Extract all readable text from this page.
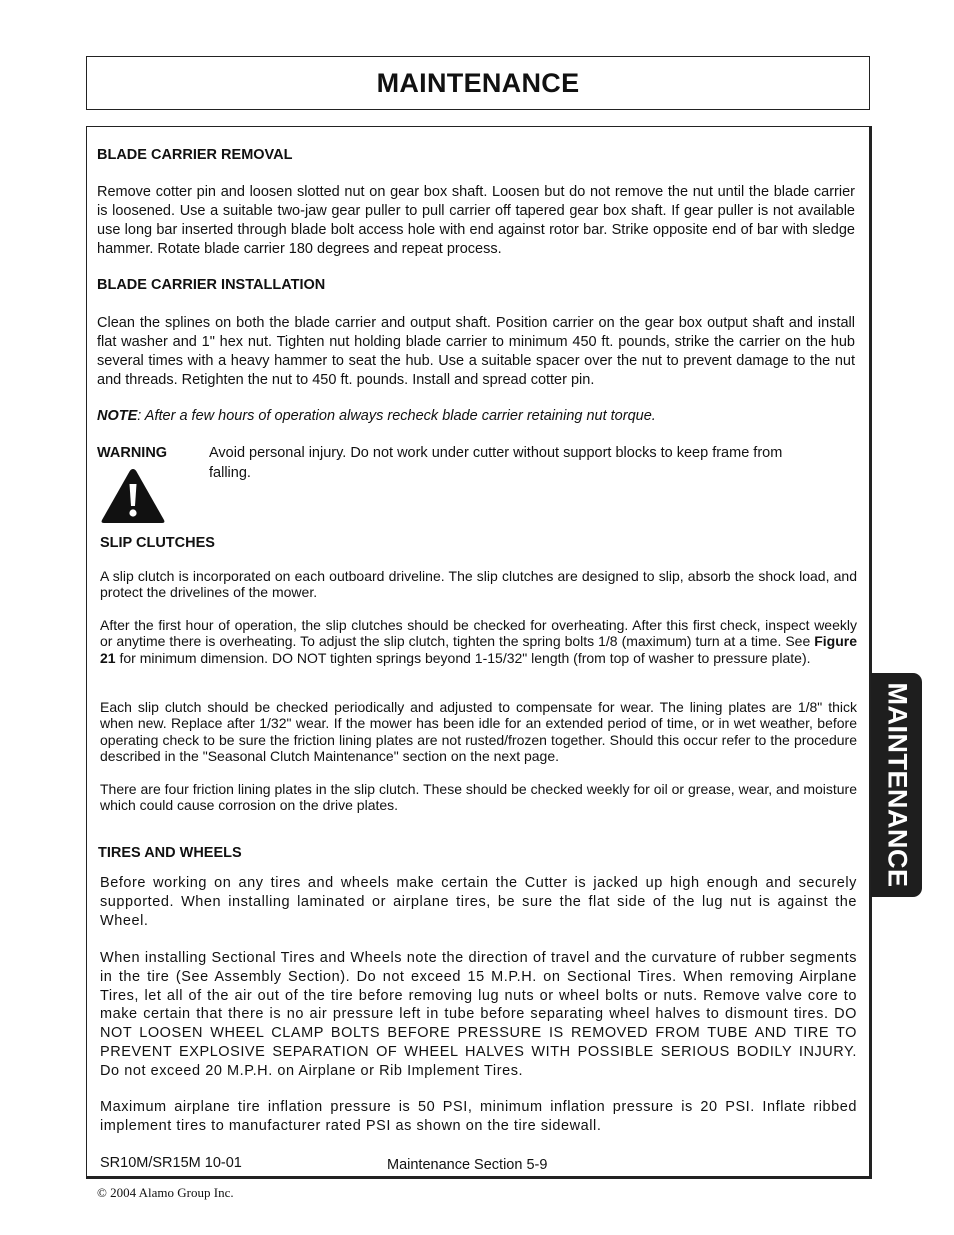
MAINTENANCE
BLADE CARRIER REMOVAL

Remove cotter pin and loosen slotted nut on gear box shaft. Loosen but do not remove the nut until the blade carrier is loosened. Use a suitable two-jaw gear puller to pull carrier off tapered gear box shaft. If gear puller is not available use long bar inserted through blade bolt access hole with end against rotor bar. Strike opposite end of bar with sledge hammer. Rotate blade carrier 180 degrees and repeat process.

BLADE CARRIER INSTALLATION

Clean the splines on both the blade carrier and output shaft. Position carrier on the gear box output shaft and install flat washer and 1" hex nut. Tighten nut holding blade carrier to minimum 450 ft. pounds, strike the carrier on the hub several times with a heavy hammer to seat the hub. Use a suitable spacer over the nut to prevent damage to the nut and threads. Retighten the nut to 450 ft. pounds. Install and spread cotter pin.

NOTE: After a few hours of operation always recheck blade carrier retaining nut torque.
WARNING	Avoid personal injury. Do not work under cutter without support blocks to keep frame from falling.

SLIP CLUTCHES

A slip clutch is incorporated on each outboard driveline. The slip clutches are designed to slip, absorb the shock load, and protect the drivelines of the mower.

After the first hour of operation, the slip clutches should be checked for overheating. After this first check, inspect weekly or anytime there is overheating. To adjust the slip clutch, tighten the spring bolts 1/8 (maximum) turn at a time. See Figure 21 for minimum dimension. DO NOT tighten springs beyond 1-15/32" length (from top of washer to pressure plate).

Each slip clutch should be checked periodically and adjusted to compensate for wear. The lining plates are 1/8" thick when new. Replace after 1/32" wear. If the mower has been idle for an extended period of time, or in wet weather, before operating check to be sure the friction lining plates are not rusted/frozen together. Should this occur refer to the procedure described in the "Seasonal Clutch Maintenance" section on the next page.

There are four friction lining plates in the slip clutch. These should be checked weekly for oil or grease, wear, and moisture which could cause corrosion on the drive plates.

TIRES AND WHEELS

Before working on any tires and wheels make certain the Cutter is jacked up high enough and securely supported. When installing laminated or airplane tires, be sure the flat side of the lug nut is against the Wheel.

When installing Sectional Tires and Wheels note the direction of travel and the curvature of rubber segments in the tire (See Assembly Section). Do not exceed 15 M.P.H. on Sectional Tires. When removing Airplane Tires, let all of the air out of the tire before removing lug nuts or wheel bolts or nuts. Remove valve core to make certain that there is no air pressure left in tube before separating wheel halves to dismount tires. DO NOT LOOSEN WHEEL CLAMP BOLTS BEFORE PRESSURE IS REMOVED FROM TUBE AND TIRE TO PREVENT EXPLOSIVE SEPARATION OF WHEEL HALVES WITH POSSIBLE SERIOUS BODILY INJURY. Do not exceed 20 M.P.H. on Airplane or Rib Implement Tires.

Maximum airplane tire inflation pressure is 50 PSI, minimum inflation pressure is 20 PSI. Inflate ribbed implement tires to manufacturer rated PSI as shown on the tire sidewall.

SR10M/SR15M 10-01	Maintenance Section 5-9
© 2004 Alamo Group Inc.
MAINTENANCE
